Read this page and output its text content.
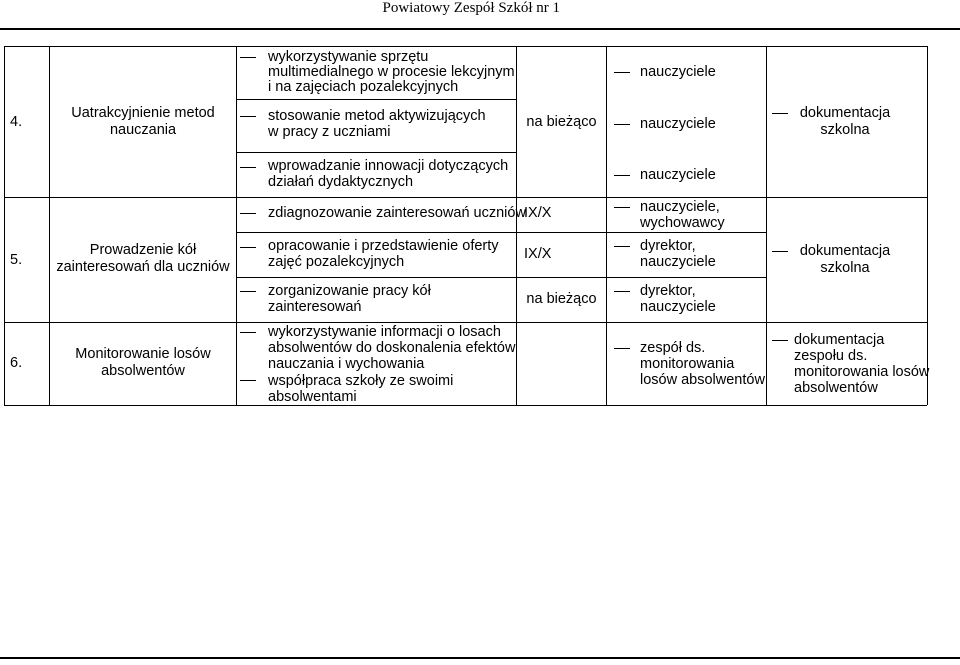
Powiatowy Zespół Szkół nr 1
4.
Uatrakcyjnienie metod
nauczania
wykorzystywanie sprzętu
multimedialnego w procesie lekcyjnym
i na zajęciach pozalekcyjnych
stosowanie metod aktywizujących
w pracy z uczniami
wprowadzanie innowacji dotyczących
działań dydaktycznych
na bieżąco
nauczyciele
nauczyciele
nauczyciele
dokumentacja
szkolna
5.
Prowadzenie kół
zainteresowań dla uczniów
zdiagnozowanie zainteresowań uczniów
opracowanie i przedstawienie oferty
zajęć pozalekcyjnych
zorganizowanie pracy kół
zainteresowań
IX/X
IX/X
na bieżąco
nauczyciele,
wychowawcy
dyrektor,
nauczyciele
dyrektor,
nauczyciele
dokumentacja
szkolna
6.
Monitorowanie losów
absolwentów
wykorzystywanie informacji o losach
absolwentów do doskonalenia efektów
nauczania i wychowania
współpraca szkoły ze swoimi
absolwentami
zespół ds.
monitorowania
losów absolwentów
dokumentacja
zespołu ds.
monitorowania losów
absolwentów
